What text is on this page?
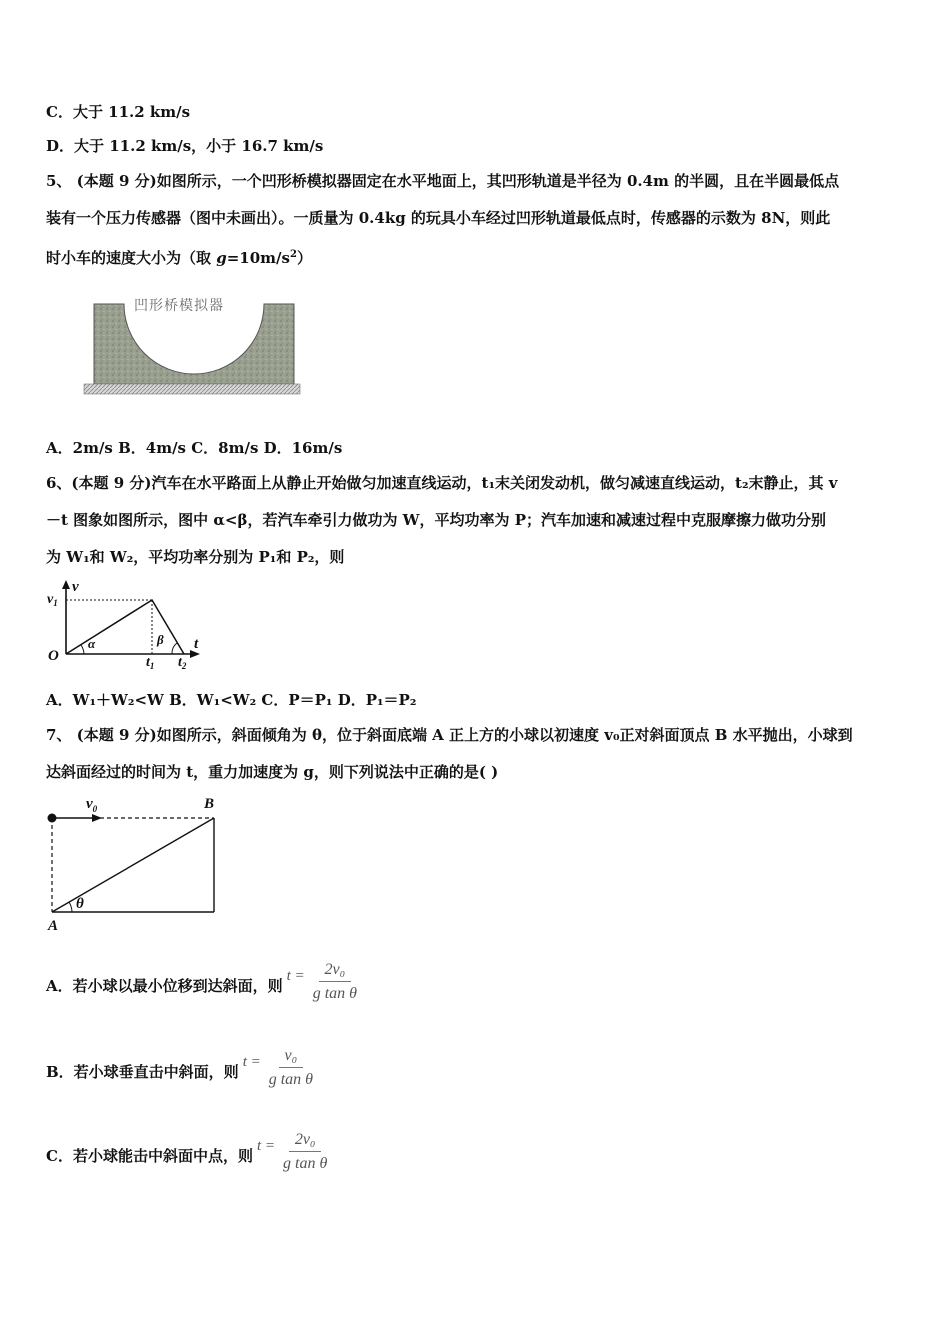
C．大于 11.2 km/s
D．大于 11.2 km/s，小于 16.7 km/s
5、 (本题 9 分)如图所示，一个凹形桥模拟器固定在水平地面上，其凹形轨道是半径为 0.4m 的半圆，且在半圆最低点
装有一个压力传感器（图中未画出）。一质量为 0.4kg 的玩具小车经过凹形轨道最低点时，传感器的示数为 8N，则此
时小车的速度大小为（取 $g=10m/s^2$）
凹形桥模拟器
A．2m/s B．4m/s C．8m/s D．16m/s
6、(本题 9 分)汽车在水平路面上从静止开始做匀加速直线运动，t₁末关闭发动机，做匀减速直线运动，t₂末静止，其 v
－t 图象如图所示，图中 α<β，若汽车牵引力做功为 W，平均功率为 P；汽车加速和减速过程中克服摩擦力做功分别
为 W₁和 W₂，平均功率分别为 P₁和 P₂，则
v
$v_1$
O
α	β t
$t_1$ $t_2$
A．W₁＋W₂<W B．W₁<W₂ C．P＝P₁ D．P₁＝P₂
7、 (本题 9 分)如图所示，斜面倾角为 θ，位于斜面底端 A 正上方的小球以初速度 v₀正对斜面顶点 B 水平抛出，小球到
达斜面经过的时间为 t，重力加速度为 g，则下列说法中正确的是( )
$v_0$	B
θ
A
A．若小球以最小位移到达斜面，则
$t = \frac{\text{2v₀}}{\text{g tan θ}}$
B．若小球垂直击中斜面，则
$t = \frac{\text{v₀}}{\text{g tan θ}}$
C．若小球能击中斜面中点，则
$t = \frac{\text{2v₀}}{\text{g tan θ}}$
